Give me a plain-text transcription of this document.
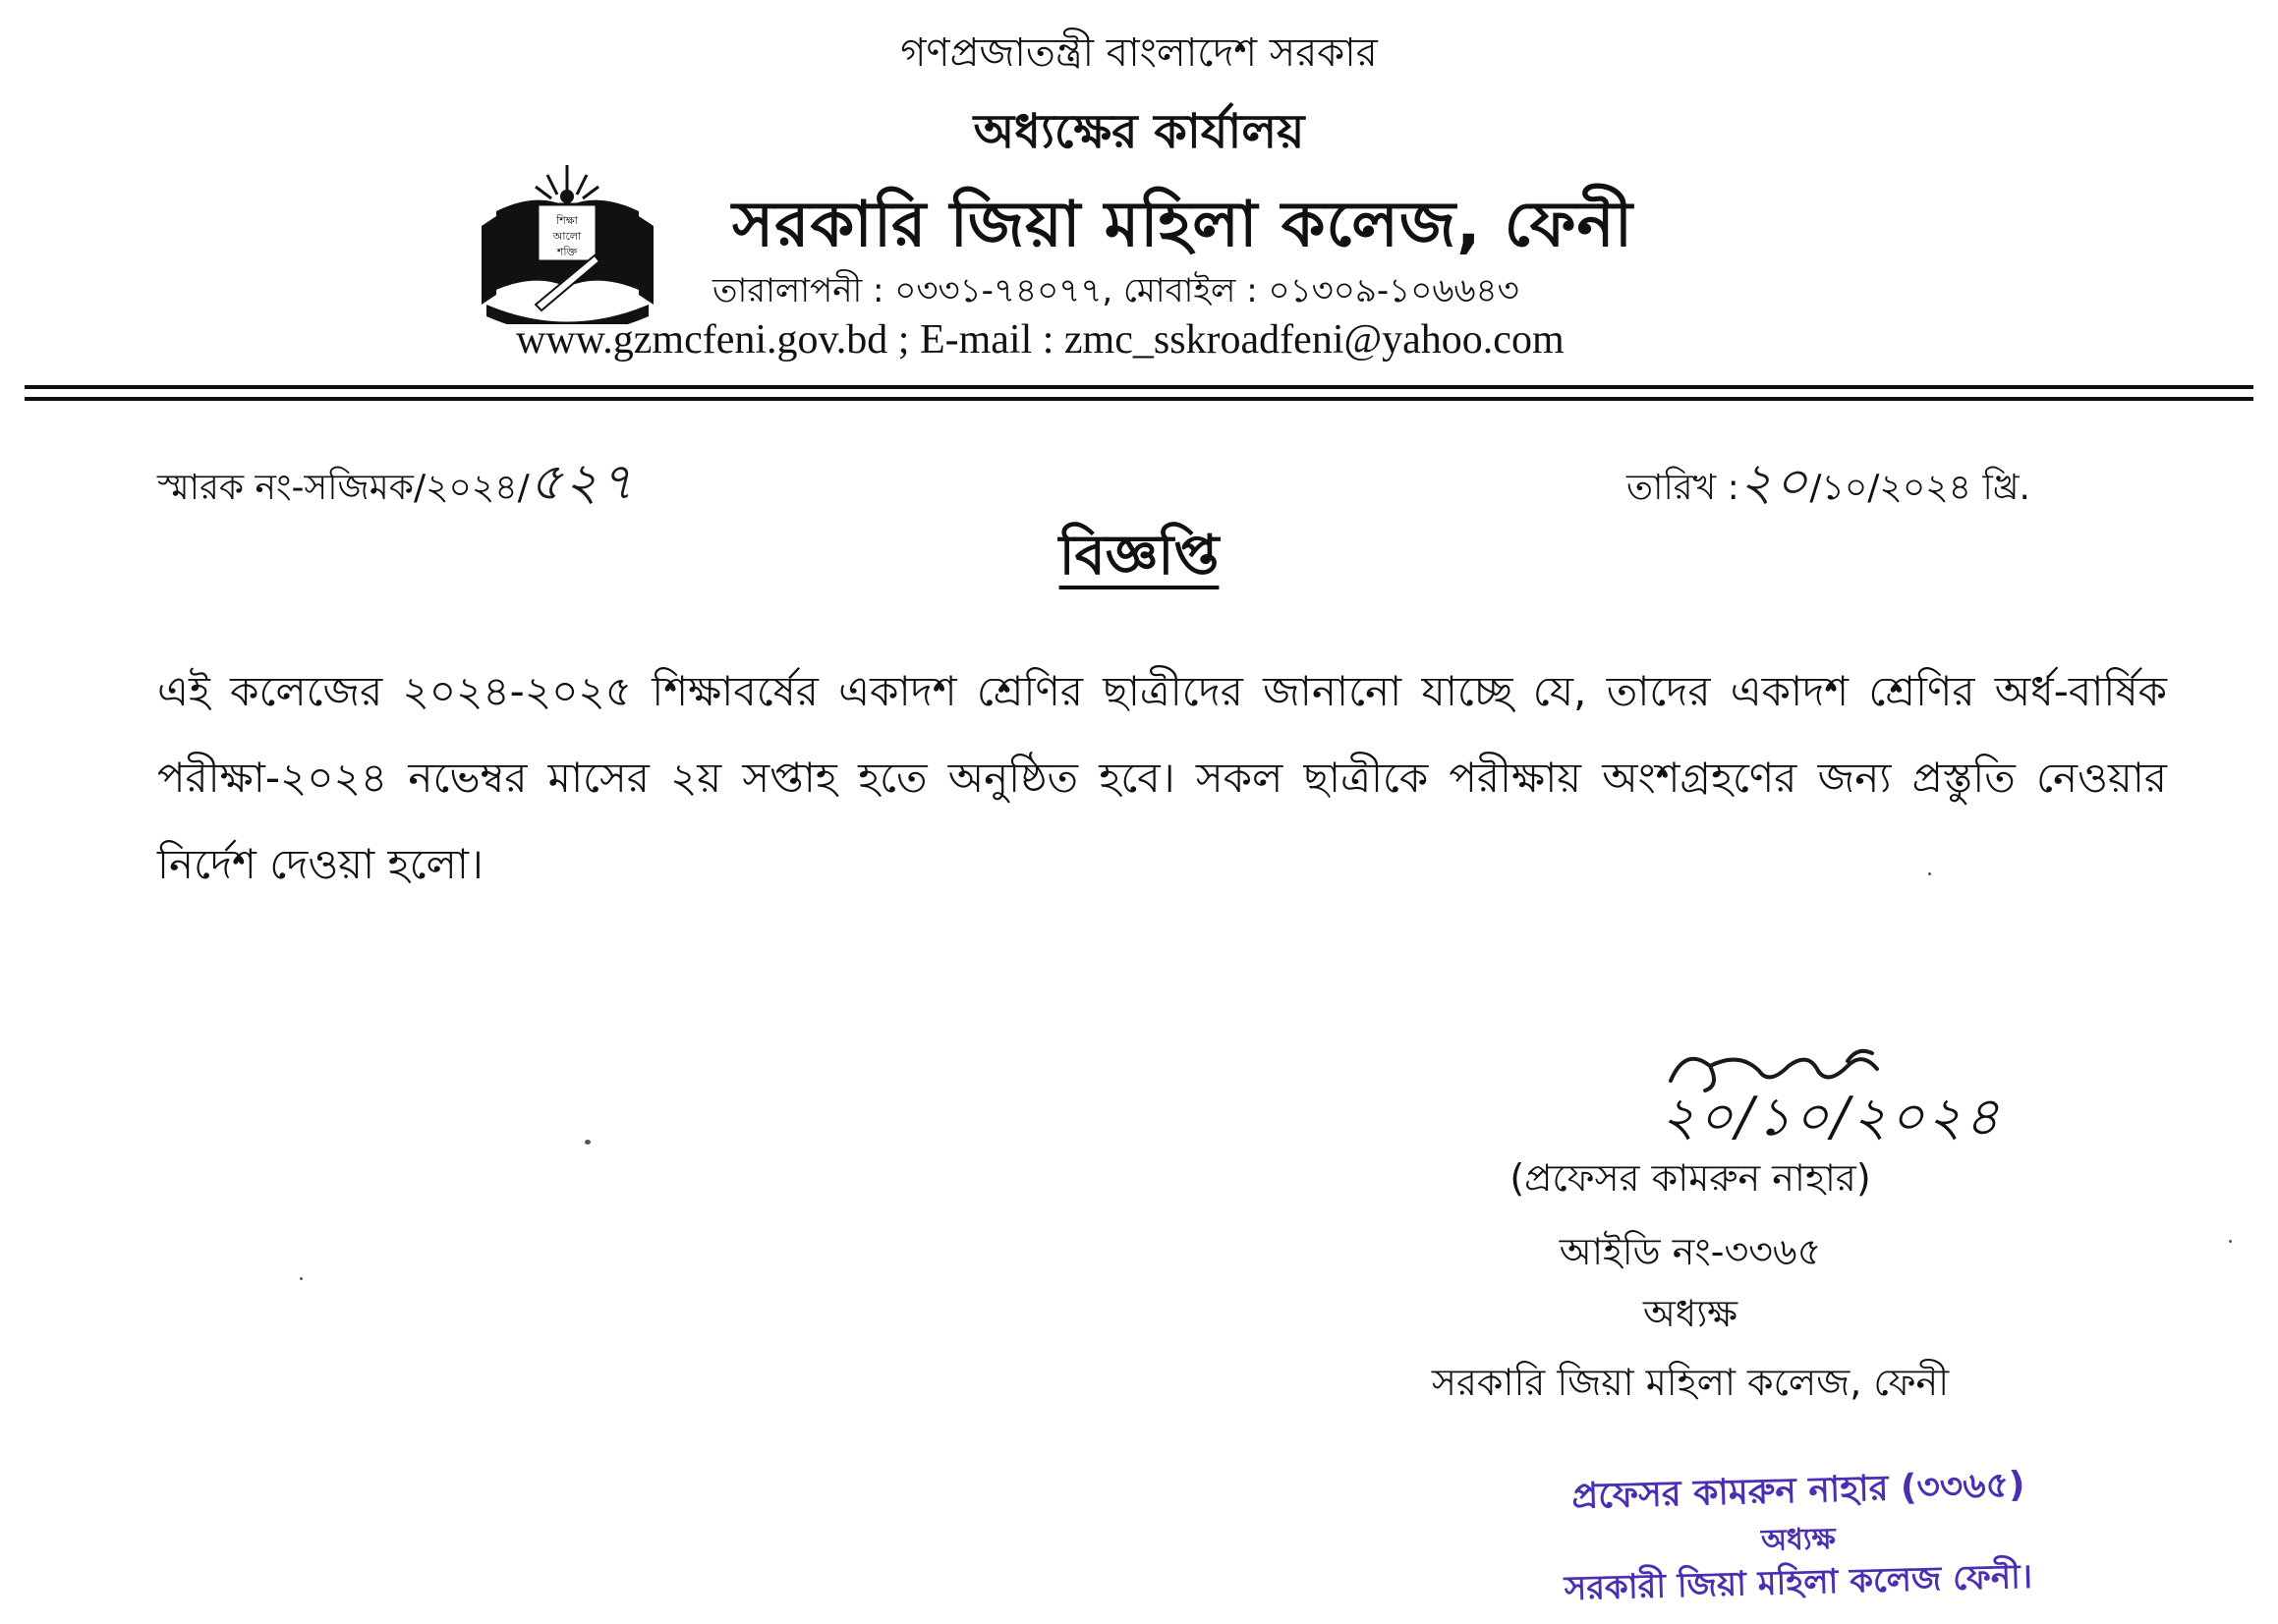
গণপ্রজাতন্ত্রী বাংলাদেশ সরকার
অধ্যক্ষের কার্যালয়
শিক্ষা
আলো
শক্তি সরকারি জিয়া মহিলা কলেজ, ফেনী
তারালাপনী : ০৩৩১-৭৪০৭৭, মোবাইল : ০১৩০৯-১০৬৬৪৩
www.gzmcfeni.gov.bd ; E-mail : zmc_sskroadfeni@yahoo.com
স্মারক নং-সজিমক/২০২৪/৫২৭	তারিখ :২০/১০/২০২৪ খ্রি.
বিজ্ঞপ্তি
এই কলেজের ২০২৪-২০২৫ শিক্ষাবর্ষের একাদশ শ্রেণির ছাত্রীদের জানানো যাচ্ছে যে, তাদের একাদশ শ্রেণির অর্ধ-বার্ষিক পরীক্ষা-২০২৪ নভেম্বর মাসের ২য় সপ্তাহ হতে অনুষ্ঠিত হবে। সকল ছাত্রীকে পরীক্ষায় অংশগ্রহণের জন্য প্রস্তুতি নেওয়ার নির্দেশ দেওয়া হলো।
২০/১০/২০২৪
(প্রফেসর কামরুন নাহার)
আইডি নং-৩৩৬৫
অধ্যক্ষ
সরকারি জিয়া মহিলা কলেজ, ফেনী
প্রফেসর কামরুন নাহার (৩৩৬৫)
অধ্যক্ষ
সরকারী জিয়া মহিলা কলেজ ফেনী।
